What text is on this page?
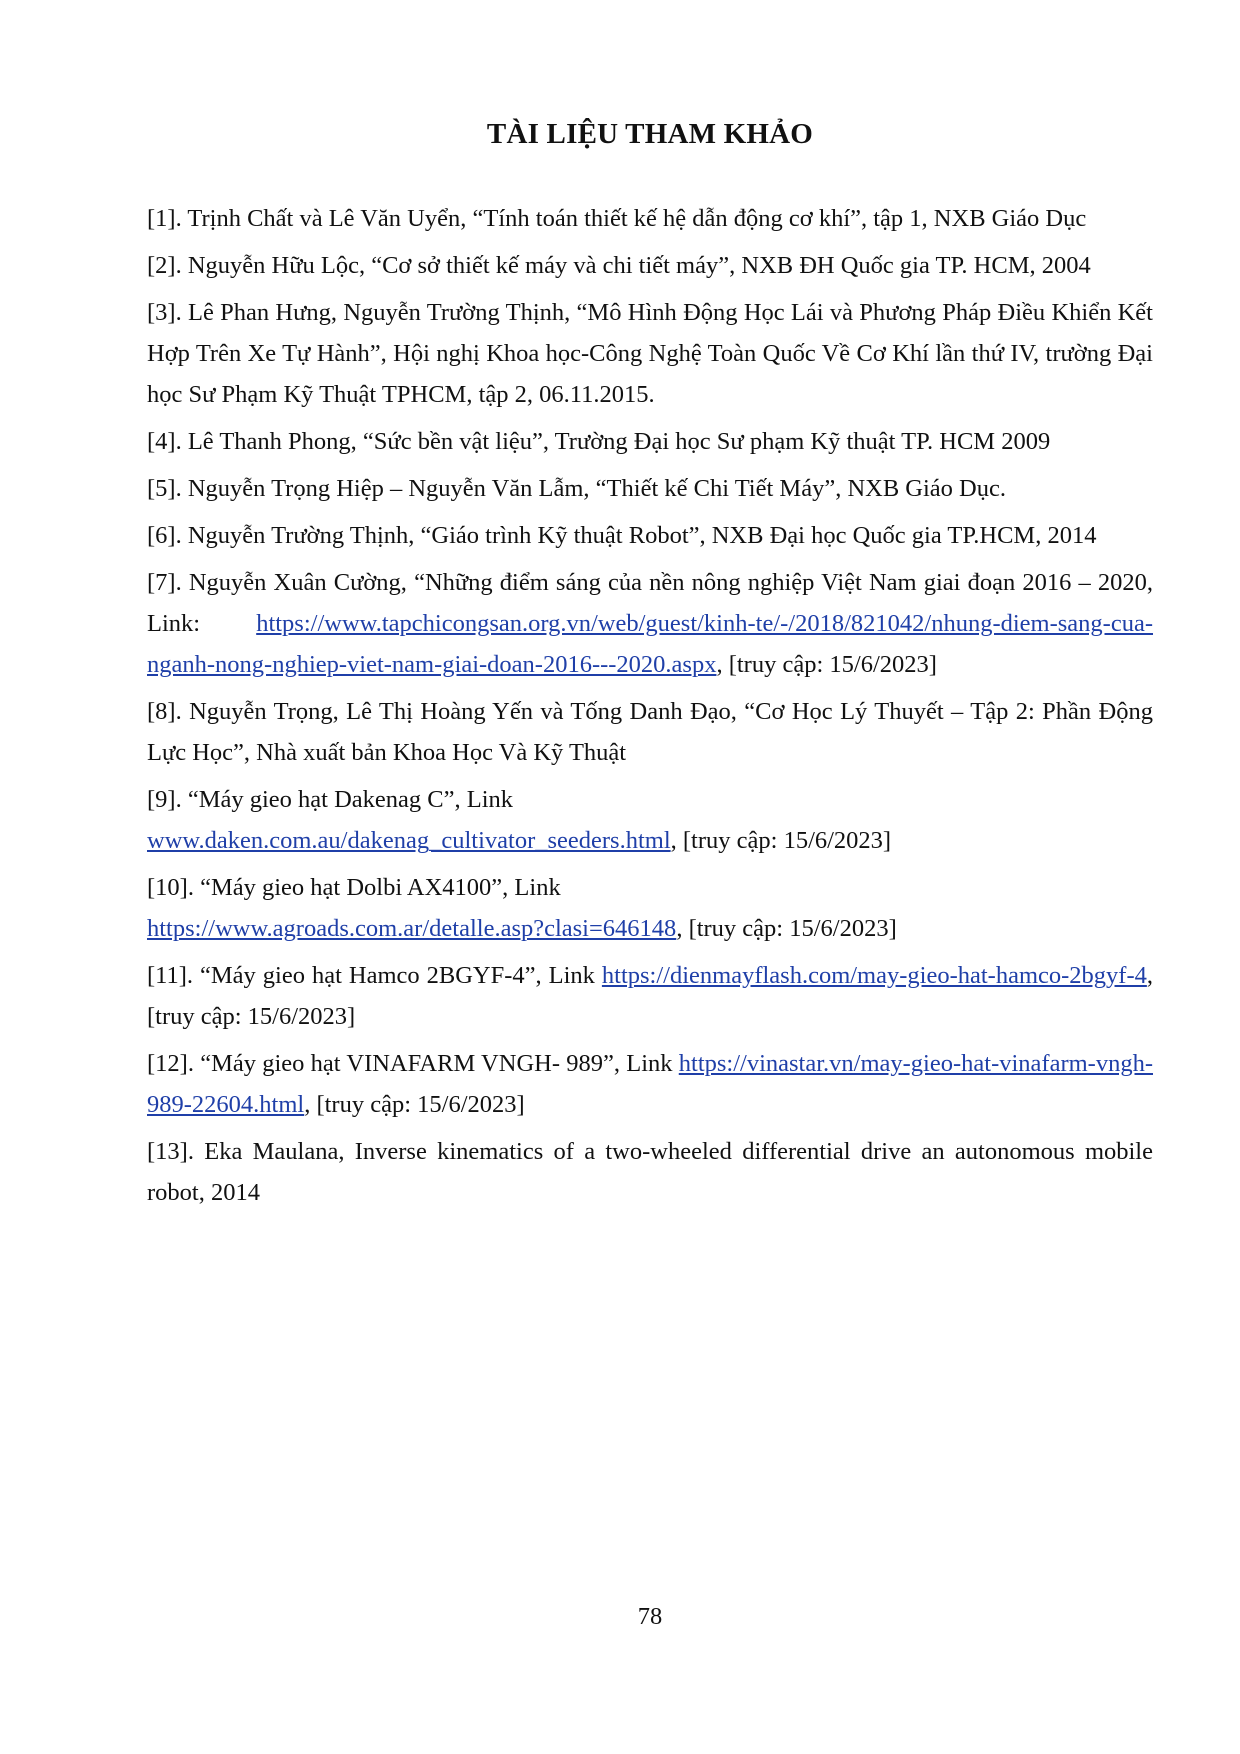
TÀI LIỆU THAM KHẢO

[1]. Trịnh Chất và Lê Văn Uyển, “Tính toán thiết kế hệ dẫn động cơ khí”, tập 1, NXB Giáo Dục

[2]. Nguyễn Hữu Lộc, “Cơ sở thiết kế máy và chi tiết máy”, NXB ĐH Quốc gia TP. HCM, 2004

[3]. Lê Phan Hưng, Nguyễn Trường Thịnh, “Mô Hình Động Học Lái và Phương Pháp Điều Khiển Kết Hợp Trên Xe Tự Hành”, Hội nghị Khoa học-Công Nghệ Toàn Quốc Về Cơ Khí lần thứ IV, trường Đại học Sư Phạm Kỹ Thuật TPHCM, tập 2, 06.11.2015.

[4]. Lê Thanh Phong, “Sức bền vật liệu”, Trường Đại học Sư phạm Kỹ thuật TP. HCM 2009

[5]. Nguyễn Trọng Hiệp – Nguyễn Văn Lẫm, “Thiết kế Chi Tiết Máy”, NXB Giáo Dục.

[6]. Nguyễn Trường Thịnh, “Giáo trình Kỹ thuật Robot”, NXB Đại học Quốc gia TP.HCM, 2014

[7]. Nguyễn Xuân Cường, “Những điểm sáng của nền nông nghiệp Việt Nam giai đoạn 2016 – 2020, Link: https://www.tapchicongsan.org.vn/web/guest/kinh-te/-/2018/821042/nhung-diem-sang-cua-nganh-nong-nghiep-viet-nam-giai-doan-2016---2020.aspx, [truy cập: 15/6/2023]

[8]. Nguyễn Trọng, Lê Thị Hoàng Yến và Tống Danh Đạo, “Cơ Học Lý Thuyết – Tập 2: Phần Động Lực Học”, Nhà xuất bản Khoa Học Và Kỹ Thuật

[9]. “Máy gieo hạt Dakenag C”, Link
www.daken.com.au/dakenag_cultivator_seeders.html, [truy cập: 15/6/2023]

[10]. “Máy gieo hạt Dolbi AX4100”, Link
https://www.agroads.com.ar/detalle.asp?clasi=646148, [truy cập: 15/6/2023]

[11]. “Máy gieo hạt Hamco 2BGYF-4”, Link https://dienmayflash.com/may-gieo-hat-hamco-2bgyf-4, [truy cập: 15/6/2023]

[12]. “Máy gieo hạt VINAFARM VNGH- 989”, Link https://vinastar.vn/may-gieo-hat-vinafarm-vngh-989-22604.html, [truy cập: 15/6/2023]

[13]. Eka Maulana, Inverse kinematics of a two-wheeled differential drive an autonomous mobile robot, 2014

78
